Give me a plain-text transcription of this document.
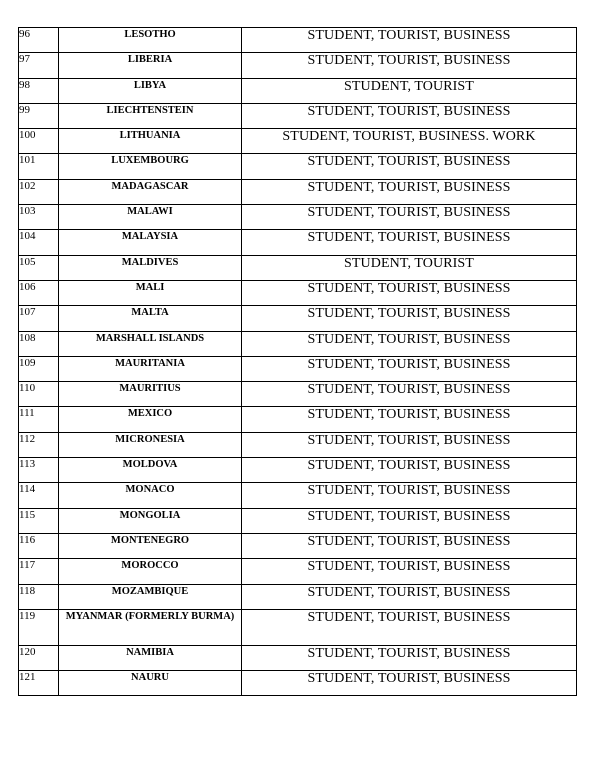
96	LESOTHO	STUDENT, TOURIST, BUSINESS
97	LIBERIA	STUDENT, TOURIST, BUSINESS
98	LIBYA	STUDENT, TOURIST
99	LIECHTENSTEIN	STUDENT, TOURIST, BUSINESS
100	LITHUANIA	STUDENT, TOURIST, BUSINESS. WORK
101	LUXEMBOURG	STUDENT, TOURIST, BUSINESS
102	MADAGASCAR	STUDENT, TOURIST, BUSINESS
103	MALAWI	STUDENT, TOURIST, BUSINESS
104	MALAYSIA	STUDENT, TOURIST, BUSINESS
105	MALDIVES	STUDENT, TOURIST
106	MALI	STUDENT, TOURIST, BUSINESS
107	MALTA	STUDENT, TOURIST, BUSINESS
108	MARSHALL ISLANDS	STUDENT, TOURIST, BUSINESS
109	MAURITANIA	STUDENT, TOURIST, BUSINESS
110	MAURITIUS	STUDENT, TOURIST, BUSINESS
111	MEXICO	STUDENT, TOURIST, BUSINESS
112	MICRONESIA	STUDENT, TOURIST, BUSINESS
113	MOLDOVA	STUDENT, TOURIST, BUSINESS
114	MONACO	STUDENT, TOURIST, BUSINESS
115	MONGOLIA	STUDENT, TOURIST, BUSINESS
116	MONTENEGRO	STUDENT, TOURIST, BUSINESS
117	MOROCCO	STUDENT, TOURIST, BUSINESS
118	MOZAMBIQUE	STUDENT, TOURIST, BUSINESS
119	MYANMAR (FORMERLY BURMA)	STUDENT, TOURIST, BUSINESS
120	NAMIBIA	STUDENT, TOURIST, BUSINESS
121	NAURU	STUDENT, TOURIST, BUSINESS
